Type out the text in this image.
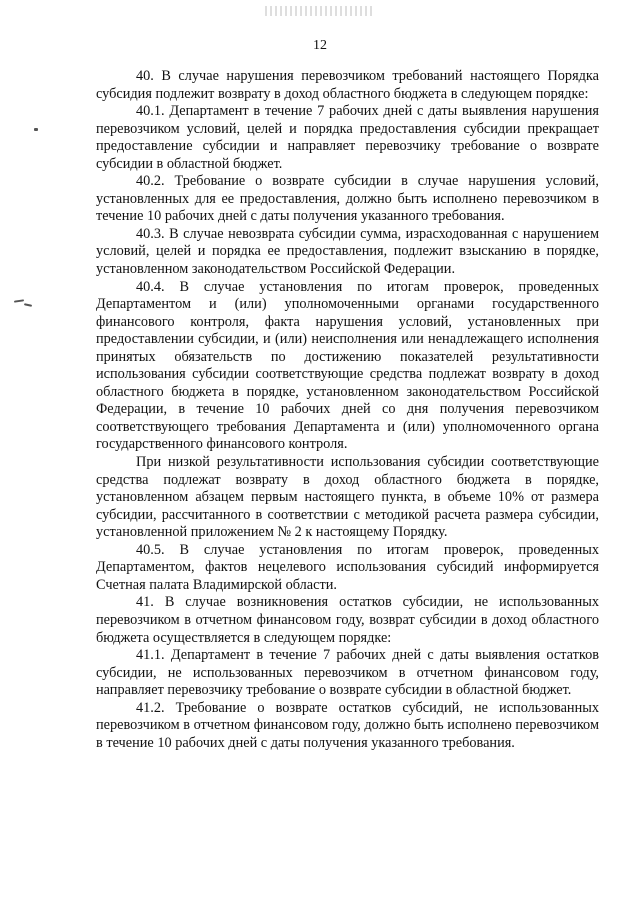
12

40. В случае нарушения перевозчиком требований настоящего Порядка субсидия подлежит возврату в доход областного бюджета в следующем порядке:

40.1. Департамент в течение 7 рабочих дней с даты выявления нарушения перевозчиком условий, целей и порядка предоставления субсидии прекращает предоставление субсидии и направляет перевозчику требование о возврате субсидии в областной бюджет.

40.2. Требование о возврате субсидии в случае нарушения условий, установленных для ее предоставления, должно быть исполнено перевозчиком в течение 10 рабочих дней с даты получения указанного требования.

40.3. В случае невозврата субсидии сумма, израсходованная с нарушением условий, целей и порядка ее предоставления, подлежит взысканию в порядке, установленном законодательством Российской Федерации.

40.4. В случае установления по итогам проверок, проведенных Департаментом и (или) уполномоченными органами государственного финансового контроля, факта нарушения условий, установленных при предоставлении субсидии, и (или) неисполнения или ненадлежащего исполнения принятых обязательств по достижению показателей результативности использования субсидии соответствующие средства подлежат возврату в доход областного бюджета в порядке, установленном законодательством Российской Федерации, в течение 10 рабочих дней со дня получения перевозчиком соответствующего требования Департамента и (или) уполномоченного органа государственного финансового контроля.

При низкой результативности использования субсидии соответствующие средства подлежат возврату в доход областного бюджета в порядке, установленном абзацем первым настоящего пункта, в объеме 10% от размера субсидии, рассчитанного в соответствии с методикой расчета размера субсидии, установленной приложением № 2 к настоящему Порядку.

40.5. В случае установления по итогам проверок, проведенных Департаментом, фактов нецелевого использования субсидий информируется Счетная палата Владимирской области.

41. В случае возникновения остатков субсидии, не использованных перевозчиком в отчетном финансовом году, возврат субсидии в доход областного бюджета осуществляется в следующем порядке:

41.1. Департамент в течение 7 рабочих дней с даты выявления остатков субсидии, не использованных перевозчиком в отчетном финансовом году, направляет перевозчику требование о возврате субсидии в областной бюджет.

41.2. Требование о возврате остатков субсидий, не использованных перевозчиком в отчетном финансовом году, должно быть исполнено перевозчиком в течение 10 рабочих дней с даты получения указанного требования.
